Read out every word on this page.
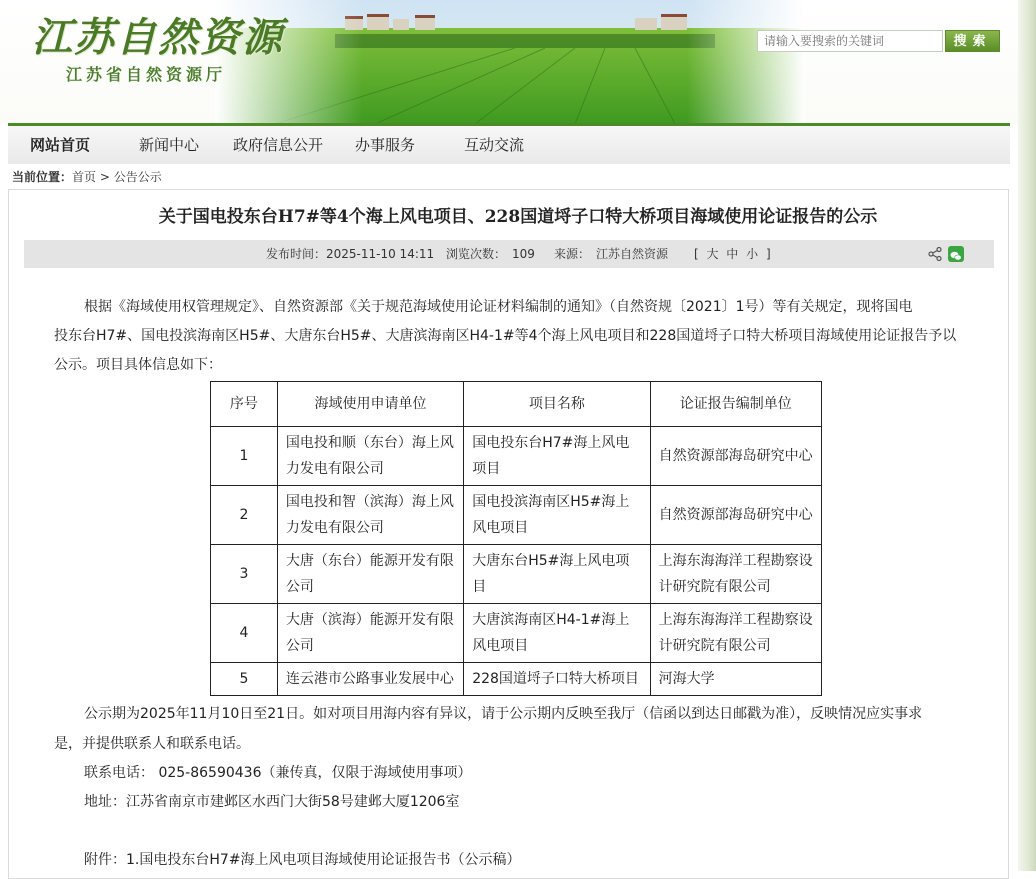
江苏自然资源
江苏省自然资源厅
请输入要搜索的关键词
搜索
网站首页	新闻中心 政府信息公开 办事服务	互动交流
当前位置：首页 > 公告公示
关于国电投东台H7#等4个海上风电项目、228国道埒子口特大桥项目海域使用论证报告的公示
发布时间： 2025-11-10 14:11 浏览次数： 109 来源： 江苏自然资源 [ 大 中 小 ]
根据《海域使用权管理规定》、自然资源部《关于规范海域使用论证材料编制的通知》（自然资规〔2021〕1号）等有关规定，现将国电
投东台H7#、国电投滨海南区H5#、大唐东台H5#、大唐滨海南区H4-1#等4个海上风电项目和228国道埒子口特大桥项目海域使用论证报告予以
公示。项目具体信息如下：
序号	海域使用申请单位	项目名称	论证报告编制单位
1	国电投和顺（东台）海上风力发电有限公司	国电投东台H7#海上风电项目	自然资源部海岛研究中心
2	国电投和智（滨海）海上风力发电有限公司	国电投滨海南区H5#海上风电项目	自然资源部海岛研究中心
3	大唐（东台）能源开发有限公司	大唐东台H5#海上风电项目	上海东海海洋工程勘察设计研究院有限公司
4	大唐（滨海）能源开发有限公司	大唐滨海南区H4-1#海上风电项目	上海东海海洋工程勘察设计研究院有限公司
5	连云港市公路事业发展中心	228国道埒子口特大桥项目	河海大学
公示期为2025年11月10日至21日。如对项目用海内容有异议，请于公示期内反映至我厅（信函以到达日邮戳为准），反映情况应实事求
是，并提供联系人和联系电话。
联系电话： 025-86590436（兼传真，仅限于海域使用事项）
地址：江苏省南京市建邺区水西门大街58号建邺大厦1206室
附件：1.国电投东台H7#海上风电项目海域使用论证报告书（公示稿）
